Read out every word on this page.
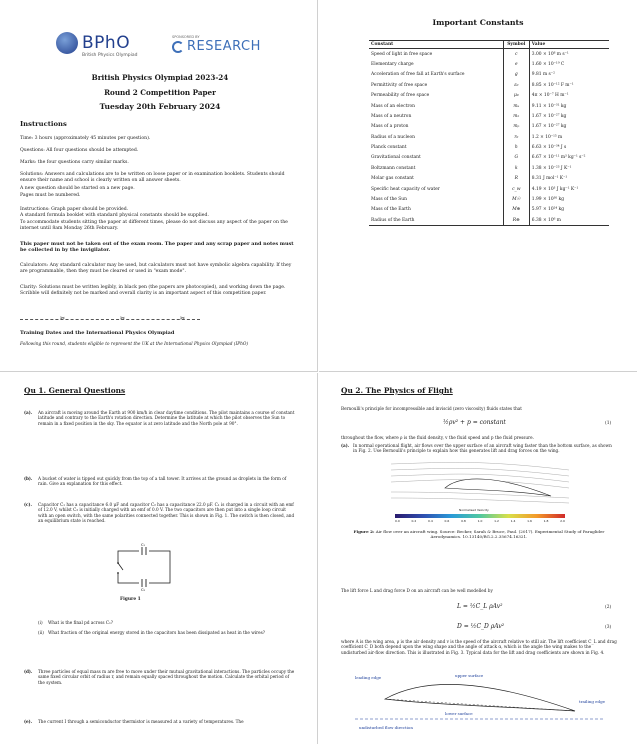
BPhO
British Physics Olympiad
SPONSORED BY
RESEARCH
British Physics Olympiad 2023-24
Round 2 Competition Paper
Tuesday 20th February 2024
Instructions
Time: 3 hours (approximately 45 minutes per question).
Questions: All four questions should be attempted.
Marks: the four questions carry similar marks.
Solutions: Answers and calculations are to be written on loose paper or in examination booklets. Students should ensure their name and school is clearly written on all answer sheets.
A new question should be started on a new page.
Pages must be numbered.
Instructions: Graph paper should be provided.
A standard formula booklet with standard physical constants should be supplied.
To accommodate students sitting the paper at different times, please do not discuss any aspect of the paper on the internet until 8am Monday 26th February.
This paper must not be taken out of the exam room. The paper and any scrap paper and notes must be collected in by the invigilator.
Calculators: Any standard calculator may be used, but calculators must not have symbolic algebra capability. If they are programmable, then they must be cleared or used in "exam mode".
Clarity: Solutions must be written legibly, in black pen (the papers are photocopied), and working down the page. Scribble will definitely not be marked and overall clarity is an important aspect of this competition paper.
✂	✂	✂
Training Dates and the International Physics Olympiad
Following this round, students eligible to represent the UK at the International Physics Olympiad (IPhO)
Important Constants
Constant	Symbol	Value
Speed of light in free space	c	3.00 × 10⁸ m s⁻¹
Elementary charge	e	1.60 × 10⁻¹⁹ C
Acceleration of free fall at Earth's surface	g	9.81 m s⁻²
Permittivity of free space	ε₀	8.85 × 10⁻¹² F m⁻¹
Permeability of free space	μ₀	4π × 10⁻⁷ H m⁻¹
Mass of an electron	mₑ	9.11 × 10⁻³¹ kg
Mass of a neutron	mₙ	1.67 × 10⁻²⁷ kg
Mass of a proton	mₚ	1.67 × 10⁻²⁷ kg
Radius of a nucleon	r₀	1.2 × 10⁻¹⁵ m
Planck constant	h	6.63 × 10⁻³⁴ J s
Gravitational constant	G	6.67 × 10⁻¹¹ m³ kg⁻¹ s⁻²
Boltzmann constant	k	1.38 × 10⁻²³ J K⁻¹
Molar gas constant	R	8.31 J mol⁻¹ K⁻¹
Specific heat capacity of water	c_w	4.19 × 10³ J kg⁻¹ K⁻¹
Mass of the Sun	M☉	1.99 × 10³⁰ kg
Mass of the Earth	M⊕	5.97 × 10²⁴ kg
Radius of the Earth	R⊕	6.38 × 10⁶ m
Qu 1. General Questions
(a). An aircraft is moving around the Earth at 900 km/h in clear daytime conditions. The pilot maintains a course of constant latitude and contrary to the Earth's rotation direction. Determine the latitude at which the pilot observes the Sun to remain in a fixed position in the sky. The equator is at zero latitude and the North pole at 90°.
(b). A bucket of water is tipped out quickly from the top of a tall tower. It arrives at the ground as droplets in the form of rain. Give an explanation for this effect.
(c). Capacitor C₁ has a capacitance 6.0 μF and capacitor C₂ has a capacitance 22.0 μF. C₁ is charged in a circuit with an emf of 12.0 V, whilst C₂ is initially charged with an emf of 0.0 V. The two capacitors are then put into a single loop circuit with an open switch, with the same polarities connected together. This is shown in Fig. 1. The switch is then closed, and an equilibrium state is reached.
C₁
C₂
Figure 1
(i) What is the final pd across C₁?
(ii) What fraction of the original energy stored in the capacitors has been dissipated as heat in the wires?
(d). Three particles of equal mass m are free to move under their mutual gravitational interactions. The particles occupy the same fixed circular orbit of radius r, and remain equally spaced throughout the motion. Calculate the orbital period of the system.
(e). The current I through a semiconductor thermistor is measured at a variety of temperatures. The
Qu 2. The Physics of Flight
Bernoulli's principle for incompressible and inviscid (zero viscosity) fluids states that
½ρv² + p = constant	(1)
throughout the flow, where ρ is the fluid density, v the fluid speed and p the fluid pressure.
(a). In normal operational flight, air flows over the upper surface of an aircraft wing faster than the bottom surface, as shown in Fig. 2. Use Bernoulli's principle to explain how this generates lift and drag forces on the wing.
Normalised Velocity
0.0	0.2	0.4	0.6	0.8	1.0	1.2	1.4	1.6	1.8	2.0
Figure 2: Air flow over an aircraft wing. Source: Becker, Sarah & Bruce, Paul. (2017). Experimental Study of Paraglider Aerodynamics. 10.13140/RG.2.2.35674.16321.
The lift force L and drag force D on an aircraft can be well modelled by
L = ½C_L ρAv²	(2)
D = ½C_D ρAv²	(3)
where A is the wing area, ρ is the air density and v is the speed of the aircraft relative to still air. The lift coefficient C_L and drag coefficient C_D both depend upon the wing shape and the angle of attack α, which is the angle the wing makes to the undisturbed air-flow direction. This is illustrated in Fig. 3. Typical data for the lift and drag coefficients are shown in Fig. 4.
leading edge	upper surface
lower surface
trailing edge
undisturbed flow direction
